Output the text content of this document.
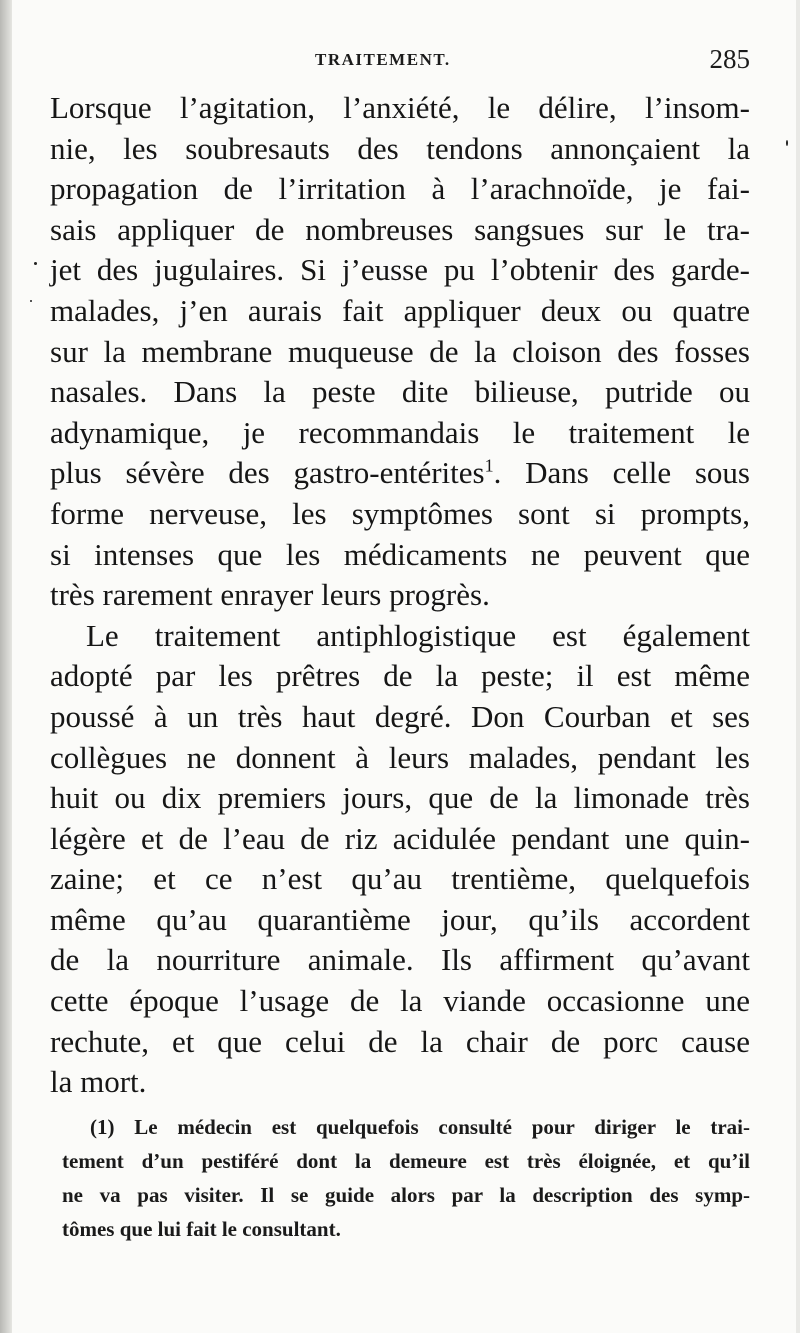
TRAITEMENT.	285
Lorsque l’agitation, l’anxiété, le délire, l’insom-
nie, les soubresauts des tendons annonçaient la
propagation de l’irritation à l’arachnoïde, je fai-
sais appliquer de nombreuses sangsues sur le tra-
jet des jugulaires. Si j’eusse pu l’obtenir des garde-
malades, j’en aurais fait appliquer deux ou quatre
sur la membrane muqueuse de la cloison des fosses
nasales. Dans la peste dite bilieuse, putride ou
adynamique, je recommandais le traitement le
plus sévère des gastro-entérites$^1$. Dans celle sous
forme nerveuse, les symptômes sont si prompts,
si intenses que les médicaments ne peuvent que
très rarement enrayer leurs progrès.
Le traitement antiphlogistique est également
adopté par les prêtres de la peste; il est même
poussé à un très haut degré. Don Courban et ses
collègues ne donnent à leurs malades, pendant les
huit ou dix premiers jours, que de la limonade très
légère et de l’eau de riz acidulée pendant une quin-
zaine; et ce n’est qu’au trentième, quelquefois
même qu’au quarantième jour, qu’ils accordent
de la nourriture animale. Ils affirment qu’avant
cette époque l’usage de la viande occasionne une
rechute, et que celui de la chair de porc cause
la mort.
(1) Le médecin est quelquefois consulté pour diriger le trai-
tement d’un pestiféré dont la demeure est très éloignée, et qu’il
ne va pas visiter. Il se guide alors par la description des symp-
tômes que lui fait le consultant.
